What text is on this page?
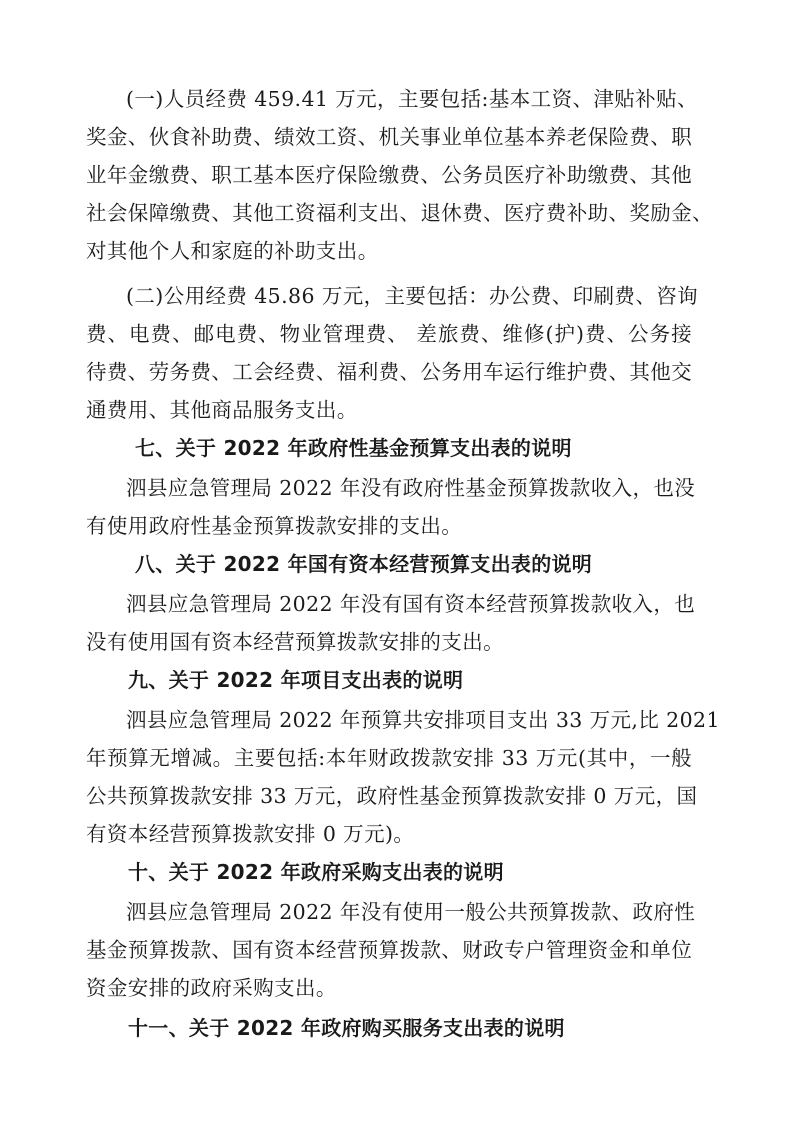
(一)人员经费 459.41 万元，主要包括:基本工资、津贴补贴、
奖金、伙食补助费、绩效工资、机关事业单位基本养老保险费、职
业年金缴费、职工基本医疗保险缴费、公务员医疗补助缴费、其他
社会保障缴费、其他工资福利支出、退休费、医疗费补助、奖励金、
对其他个人和家庭的补助支出。
(二)公用经费 45.86 万元，主要包括：办公费、印刷费、咨询
费、电费、邮电费、物业管理费、 差旅费、维修(护)费、公务接
待费、劳务费、工会经费、福利费、公务用车运行维护费、其他交
通费用、其他商品服务支出。
七、关于 2022 年政府性基金预算支出表的说明
泗县应急管理局 2022 年没有政府性基金预算拨款收入，也没
有使用政府性基金预算拨款安排的支出。
八、关于 2022 年国有资本经营预算支出表的说明
泗县应急管理局 2022 年没有国有资本经营预算拨款收入，也
没有使用国有资本经营预算拨款安排的支出。
九、关于 2022 年项目支出表的说明
泗县应急管理局 2022 年预算共安排项目支出 33 万元,比 2021
年预算无增减。主要包括:本年财政拨款安排 33 万元(其中，一般
公共预算拨款安排 33 万元，政府性基金预算拨款安排 0 万元，国
有资本经营预算拨款安排 0 万元)。
十、关于 2022 年政府采购支出表的说明
泗县应急管理局 2022 年没有使用一般公共预算拨款、政府性
基金预算拨款、国有资本经营预算拨款、财政专户管理资金和单位
资金安排的政府采购支出。
十一、关于 2022 年政府购买服务支出表的说明
